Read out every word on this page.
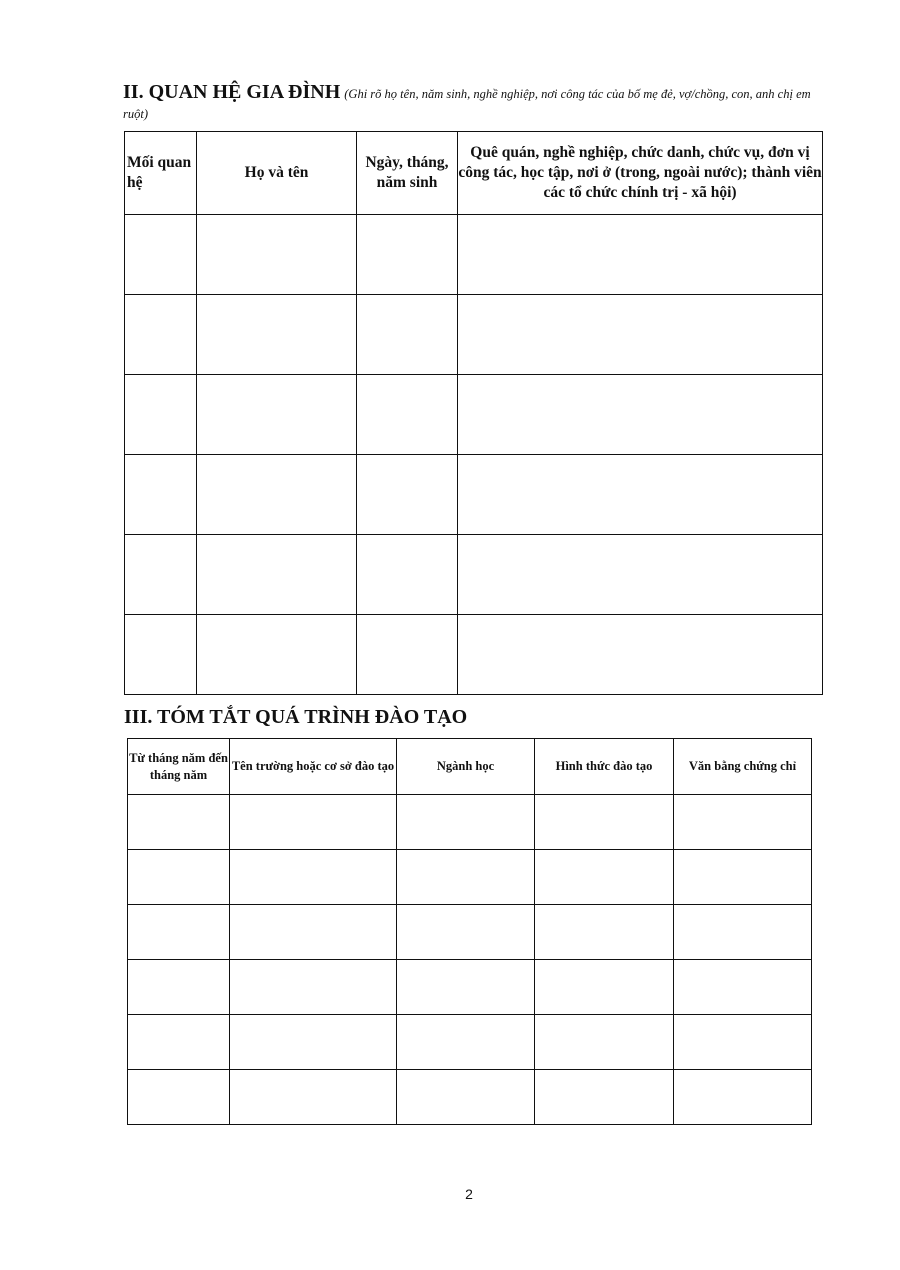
II. QUAN HỆ GIA ĐÌNH (Ghi rõ họ tên, năm sinh, nghề nghiệp, nơi công tác của bố mẹ đẻ, vợ/chồng, con, anh chị em ruột)
Mối quan hệ	Họ và tên	Ngày, tháng, năm sinh	Quê quán, nghề nghiệp, chức danh, chức vụ, đơn vị công tác, học tập, nơi ở (trong, ngoài nước); thành viên các tổ chức chính trị - xã hội)

III. TÓM TẮT QUÁ TRÌNH ĐÀO TẠO
Từ tháng năm đến tháng năm	Tên trường hoặc cơ sở đào tạo	Ngành học	Hình thức đào tạo	Văn bằng chứng chỉ

2
